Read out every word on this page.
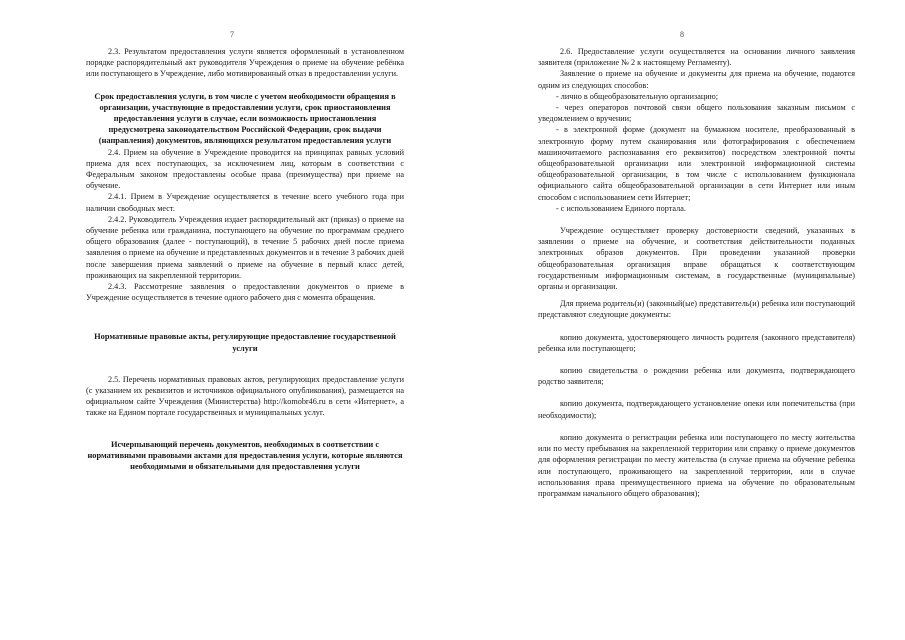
7

2.3. Результатом предоставления услуги является оформленный в установленном порядке распорядительный акт руководителя Учреждения о приеме на обучение ребёнка или поступающего в Учреждение, либо мотивированный отказ в предоставлении услуги.

Срок предоставления услуги, в том числе с учетом необходимости обращения в организации, участвующие в предоставлении услуги, срок приостановления предоставления услуги в случае, если возможность приостановления предусмотрена законодательством Российской Федерации, срок выдачи (направления) документов, являющихся результатом предоставления услуги

2.4. Прием на обучение в Учреждение проводится на принципах равных условий приема для всех поступающих, за исключением лиц, которым в соответствии с Федеральным законом предоставлены особые права (преимущества) при приеме на обучение.

2.4.1. Прием в Учреждение осуществляется в течение всего учебного года при наличии свободных мест.

2.4.2. Руководитель Учреждения издает распорядительный акт (приказ) о приеме на обучение ребенка или гражданина, поступающего на обучение по программам среднего общего образования (далее - поступающий), в течение 5 рабочих дней после приема заявления о приеме на обучение и представленных документов и в течение 3 рабочих дней после завершения приема заявлений о приеме на обучение в первый класс детей, проживающих на закрепленной территории.

2.4.3. Рассмотрение заявления о предоставлении документов о приеме в Учреждение осуществляется в течение одного рабочего дня с момента обращения.

Нормативные правовые акты, регулирующие предоставление государственной услуги

2.5. Перечень нормативных правовых актов, регулирующих предоставление услуги (с указанием их реквизитов и источников официального опубликования), размещается на официальном сайте Учреждения (Министерства) http://komobr46.ru в сети «Интернет», а также на Едином портале государственных и муниципальных услуг.

Исчерпывающий перечень документов, необходимых в соответствии с нормативными правовыми актами для предоставления услуги, которые являются необходимыми и обязательными для предоставления услуги
8

2.6. Предоставление услуги осуществляется на основании личного заявления заявителя (приложение № 2 к настоящему Регламенту).

Заявление о приеме на обучение и документы для приема на обучение, подаются одним из следующих способов:

- лично в общеобразовательную организацию;

- через операторов почтовой связи общего пользования заказным письмом с уведомлением о вручении;

- в электронной форме (документ на бумажном носителе, преобразованный в электронную форму путем сканирования или фотографирования с обеспечением машиночитаемого распознавания его реквизитов) посредством электронной почты общеобразовательной организации или электронной информационной системы общеобразовательной организации, в том числе с использованием функционала официального сайта общеобразовательной организации в сети Интернет или иным способом с использованием сети Интернет;

- с использованием Единого портала.

Учреждение осуществляет проверку достоверности сведений, указанных в заявлении о приеме на обучение, и соответствия действительности поданных электронных образов документов. При проведении указанной проверки общеобразовательная организация вправе обращаться к соответствующим государственным информационным системам, в государственные (муниципальные) органы и организации.

Для приема родитель(и) (законный(ые) представитель(и) ребенка или поступающий представляют следующие документы:

копию документа, удостоверяющего личность родителя (законного представителя) ребенка или поступающего;

копию свидетельства о рождении ребенка или документа, подтверждающего родство заявителя;

копию документа, подтверждающего установление опеки или попечительства (при необходимости);

копию документа о регистрации ребенка или поступающего по месту жительства или по месту пребывания на закрепленной территории или справку о приеме документов для оформления регистрации по месту жительства (в случае приема на обучение ребенка или поступающего, проживающего на закрепленной территории, или в случае использования права преимущественного приема на обучение по образовательным программам начального общего образования);
